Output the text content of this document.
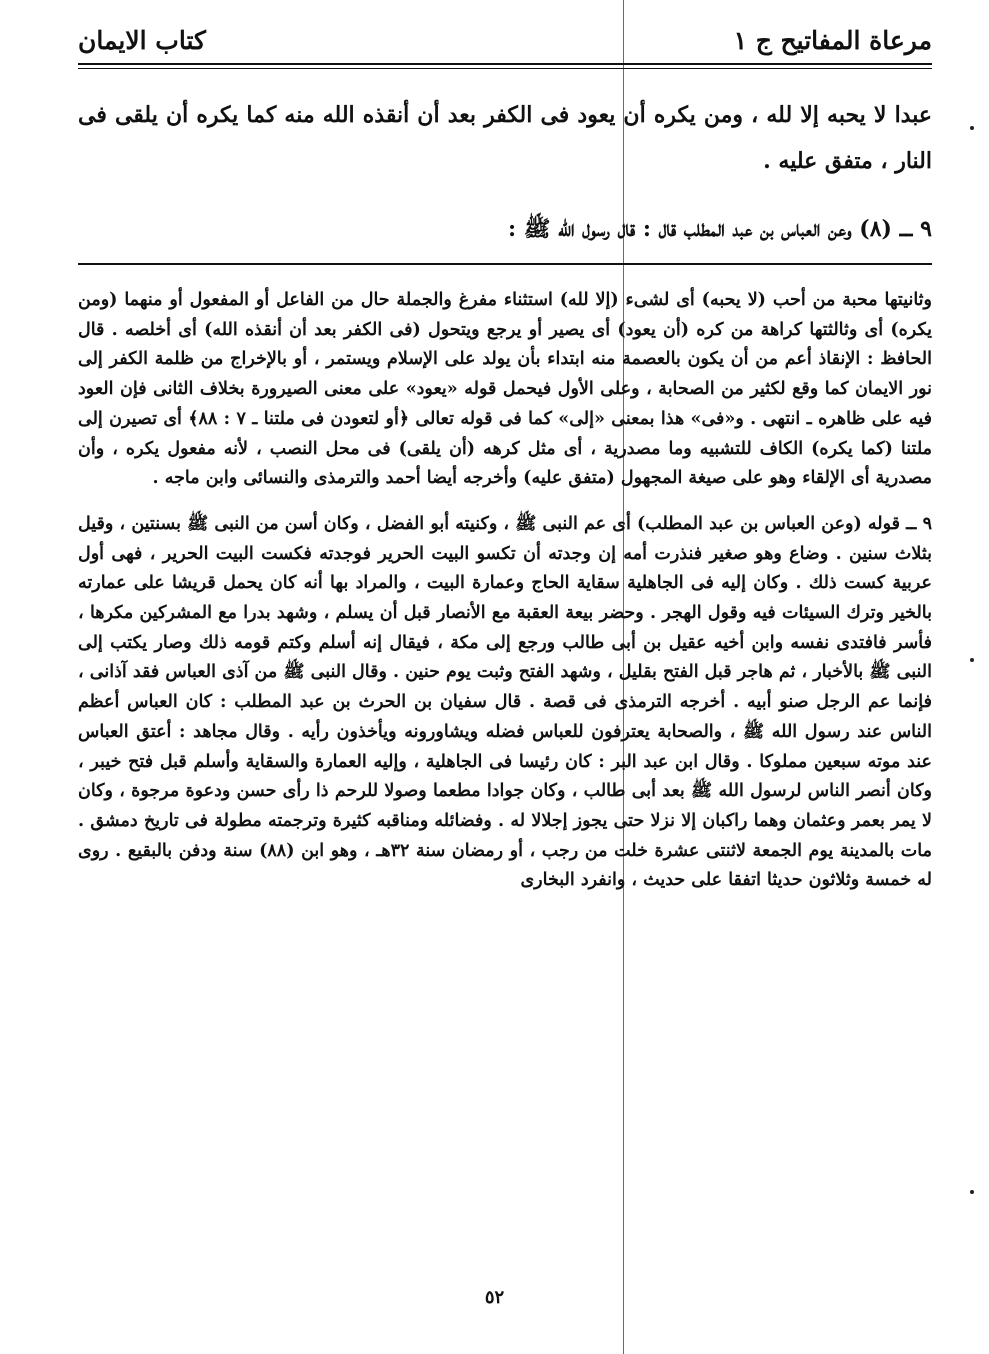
مرعاة المفاتيح ج ١
كتاب الايمان

عبدا لا يحبه إلا لله ، ومن يكره أن يعود فى الكفر بعد أن أنقذه الله منه كما يكره أن يلقى فى النار ، متفق عليه .

٩ ــ (٨) وعن العباس بن عبد المطلب قال : قال رسول الله ﷺ :

وثانيتها محبة من أحب (لا يحبه) أى لشىء (إلا لله) استثناء مفرغ والجملة حال من الفاعل أو المفعول أو منهما (ومن يكره) أى وثالثتها كراهة من كره (أن يعود) أى يصير أو يرجع ويتحول (فى الكفر بعد أن أنقذه الله) أى أخلصه . قال الحافظ : الإنقاذ أعم من أن يكون بالعصمة منه ابتداء بأن يولد على الإسلام ويستمر ، أو بالإخراج من ظلمة الكفر إلى نور الايمان كما وقع لكثير من الصحابة ، وعلى الأول فيحمل قوله «يعود» على معنى الصيرورة بخلاف الثانى فإن العود فيه على ظاهره ـ انتهى . و«فى» هذا بمعنى «إلى» كما فى قوله تعالى ﴿أو لتعودن فى ملتنا ـ ٧ : ٨٨﴾ أى تصيرن إلى ملتنا (كما يكره) الكاف للتشبيه وما مصدرية ، أى مثل كرهه (أن يلقى) فى محل النصب ، لأنه مفعول يكره ، وأن مصدرية أى الإلقاء وهو على صيغة المجهول (متفق عليه) وأخرجه أيضا أحمد والترمذى والنسائى وابن ماجه .

٩ ــ قوله (وعن العباس بن عبد المطلب) أى عم النبى ﷺ ، وكنيته أبو الفضل ، وكان أسن من النبى ﷺ بسنتين ، وقيل بثلاث سنين . وضاع وهو صغير فنذرت أمه إن وجدته أن تكسو البيت الحرير فوجدته فكست البيت الحرير ، فهى أول عربية كست ذلك . وكان إليه فى الجاهلية سقاية الحاج وعمارة البيت ، والمراد بها أنه كان يحمل قريشا على عمارته بالخير وترك السيئات فيه وقول الهجر . وحضر بيعة العقبة مع الأنصار قبل أن يسلم ، وشهد بدرا مع المشركين مكرها ، فأسر فافتدى نفسه وابن أخيه عقيل بن أبى طالب ورجع إلى مكة ، فيقال إنه أسلم وكتم قومه ذلك وصار يكتب إلى النبى ﷺ بالأخبار ، ثم هاجر قبل الفتح بقليل ، وشهد الفتح وثبت يوم حنين . وقال النبى ﷺ من آذى العباس فقد آذانى ، فإنما عم الرجل صنو أبيه . أخرجه الترمذى فى قصة . قال سفيان بن الحرث بن عبد المطلب : كان العباس أعظم الناس عند رسول الله ﷺ ، والصحابة يعترفون للعباس فضله ويشاورونه ويأخذون رأيه . وقال مجاهد : أعتق العباس عند موته سبعين مملوكا . وقال ابن عبد البر : كان رئيسا فى الجاهلية ، وإليه العمارة والسقاية وأسلم قبل فتح خيبر ، وكان أنصر الناس لرسول الله ﷺ بعد أبى طالب ، وكان جوادا مطعما وصولا للرحم ذا رأى حسن ودعوة مرجوة ، وكان لا يمر بعمر وعثمان وهما راكبان إلا نزلا حتى يجوز إجلالا له . وفضائله ومناقبه كثيرة وترجمته مطولة فى تاريخ دمشق . مات بالمدينة يوم الجمعة لاثنتى عشرة خلت من رجب ، أو رمضان سنة ٣٢هـ ، وهو ابن (٨٨) سنة ودفن بالبقيع . روى له خمسة وثلاثون حديثا اتفقا على حديث ، وانفرد البخارى

٥٢
